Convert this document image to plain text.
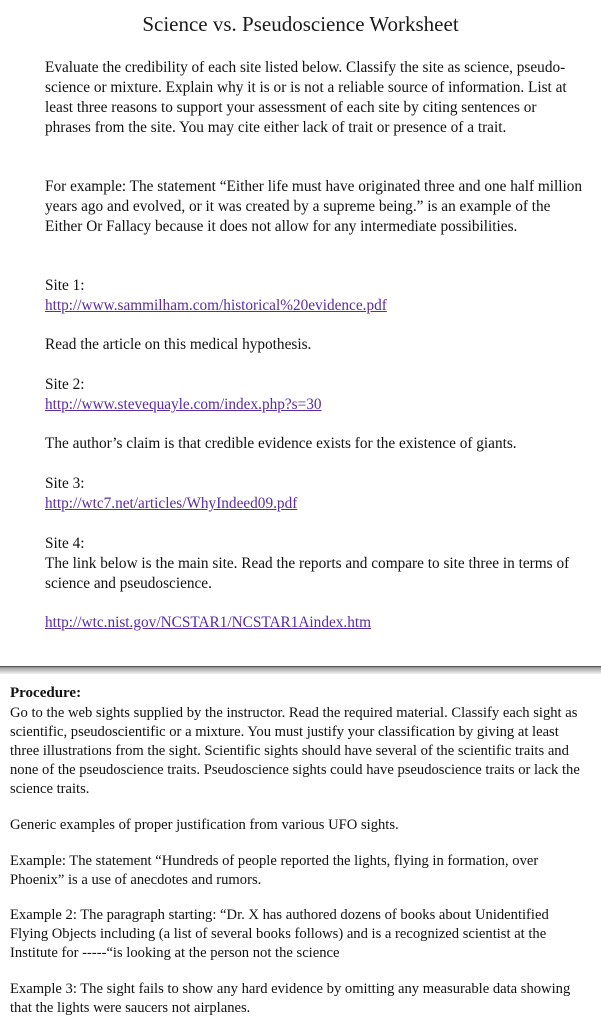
Science vs. Pseudoscience Worksheet

Evaluate the credibility of each site listed below. Classify the site as science, pseudo-science or mixture. Explain why it is or is not a reliable source of information. List at least three reasons to support your assessment of each site by citing sentences or phrases from the site. You may cite either lack of trait or presence of a trait.

For example: The statement “Either life must have originated three and one half million years ago and evolved, or it was created by a supreme being.” is an example of the Either Or Fallacy because it does not allow for any intermediate possibilities.

Site 1:
http://www.sammilham.com/historical%20evidence.pdf
Read the article on this medical hypothesis.
Site 2:
http://www.stevequayle.com/index.php?s=30
The author’s claim is that credible evidence exists for the existence of giants.
Site 3:
http://wtc7.net/articles/WhyIndeed09.pdf
Site 4:

The link below is the main site. Read the reports and compare to site three in terms of science and pseudoscience.

http://wtc.nist.gov/NCSTAR1/NCSTAR1Aindex.htm
Procedure:

Go to the web sights supplied by the instructor. Read the required material. Classify each sight as scientific, pseudoscientific or a mixture. You must justify your classification by giving at least three illustrations from the sight. Scientific sights should have several of the scientific traits and none of the pseudoscience traits. Pseudoscience sights could have pseudoscience traits or lack the science traits.

Generic examples of proper justification from various UFO sights.

Example: The statement “Hundreds of people reported the lights, flying in formation, over Phoenix” is a use of anecdotes and rumors.

Example 2: The paragraph starting: “Dr. X has authored dozens of books about Unidentified Flying Objects including (a list of several books follows) and is a recognized scientist at the Institute for -----“is looking at the person not the science

Example 3: The sight fails to show any hard evidence by omitting any measurable data showing that the lights were saucers not airplanes.
